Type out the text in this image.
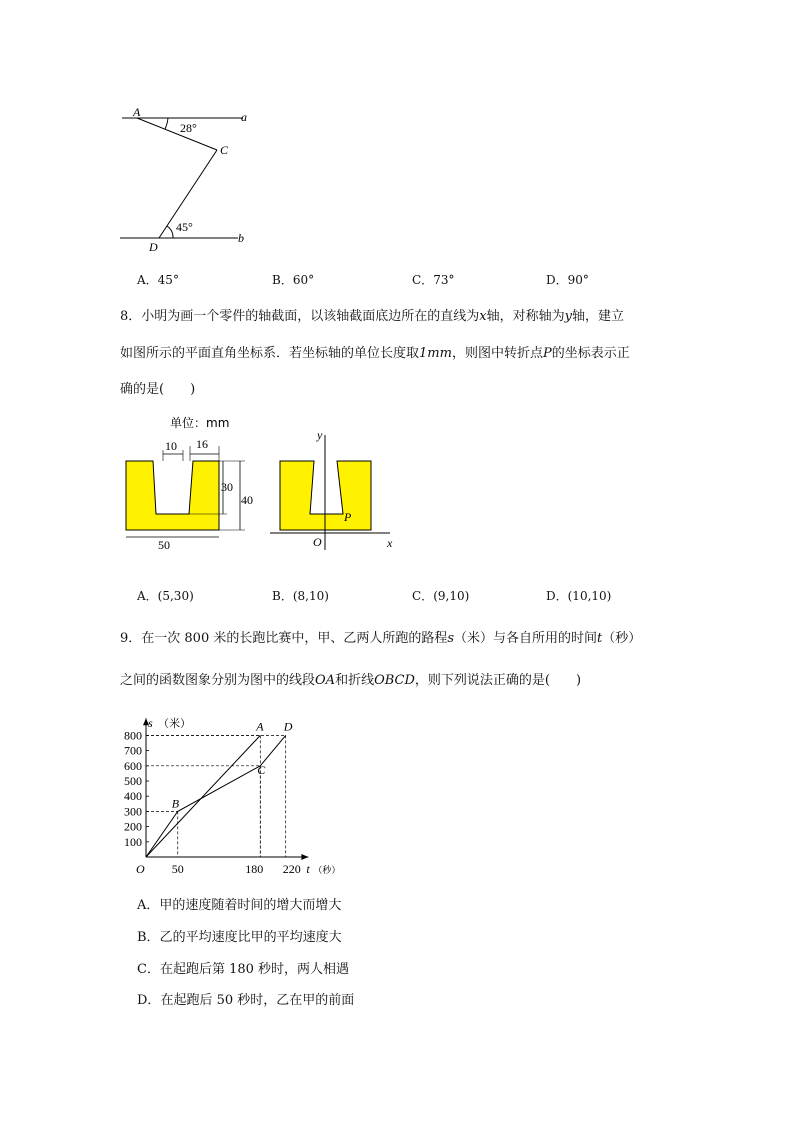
A	a
C
D
b
28°
45°
A．45°	B．60°	C．73°	D．90°
8．小明为画一个零件的轴截面，以该轴截面底边所在的直线为x轴，对称轴为y轴，建立
如图所示的平面直角坐标系．若坐标轴的单位长度取1mm，则图中转折点P的坐标表示正
确的是(　　)
单位：mm
10 16
30
40
50
y
x
O
P
A．(5,30)	B．(8,10)	C．(9,10)	D．(10,10)
9．在一次 800 米的长跑比赛中，甲、乙两人所跑的路程s（米）与各自所用的时间t（秒）
之间的函数图象分别为图中的线段OA和折线OBCD，则下列说法正确的是(　　)
100
200
300
400
500
600
700
800
50	180 220
A
B
C
D
s （米）
t （秒）
O
A．甲的速度随着时间的增大而增大
B．乙的平均速度比甲的平均速度大
C．在起跑后第 180 秒时，两人相遇
D．在起跑后 50 秒时，乙在甲的前面
